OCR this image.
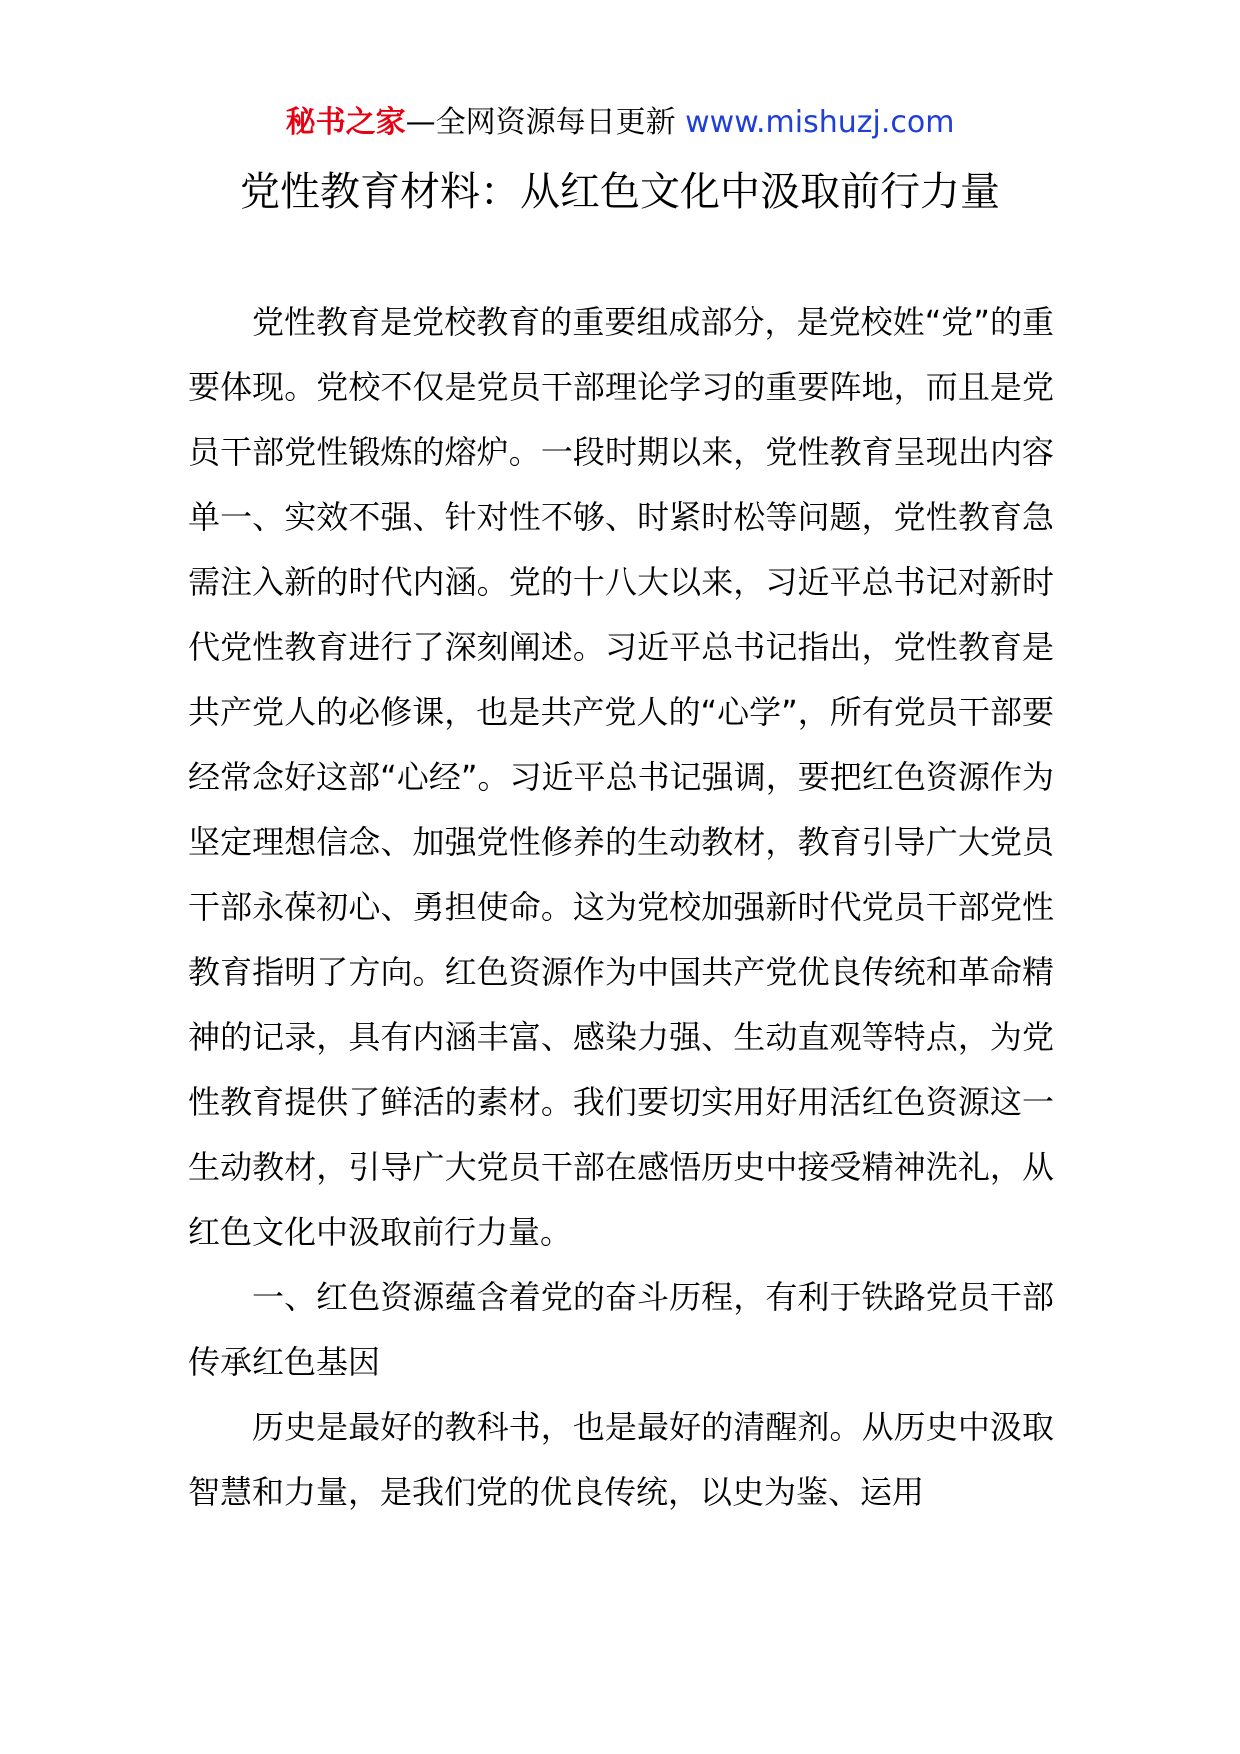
秘书之家—全网资源每日更新 www.mishuzj.com
党性教育材料：从红色文化中汲取前行力量

党性教育是党校教育的重要组成部分，是党校姓“党”的重要体现。党校不仅是党员干部理论学习的重要阵地，而且是党员干部党性锻炼的熔炉。一段时期以来，党性教育呈现出内容单一、实效不强、针对性不够、时紧时松等问题，党性教育急需注入新的时代内涵。党的十八大以来，习近平总书记对新时代党性教育进行了深刻阐述。习近平总书记指出，党性教育是共产党人的必修课，也是共产党人的“心学”，所有党员干部要经常念好这部“心经”。习近平总书记强调，要把红色资源作为坚定理想信念、加强党性修养的生动教材，教育引导广大党员干部永葆初心、勇担使命。这为党校加强新时代党员干部党性教育指明了方向。红色资源作为中国共产党优良传统和革命精神的记录，具有内涵丰富、感染力强、生动直观等特点，为党性教育提供了鲜活的素材。我们要切实用好用活红色资源这一生动教材，引导广大党员干部在感悟历史中接受精神洗礼，从红色文化中汲取前行力量。

一、红色资源蕴含着党的奋斗历程，有利于铁路党员干部传承红色基因

历史是最好的教科书，也是最好的清醒剂。从历史中汲取智慧和力量，是我们党的优良传统，以史为鉴、运用
